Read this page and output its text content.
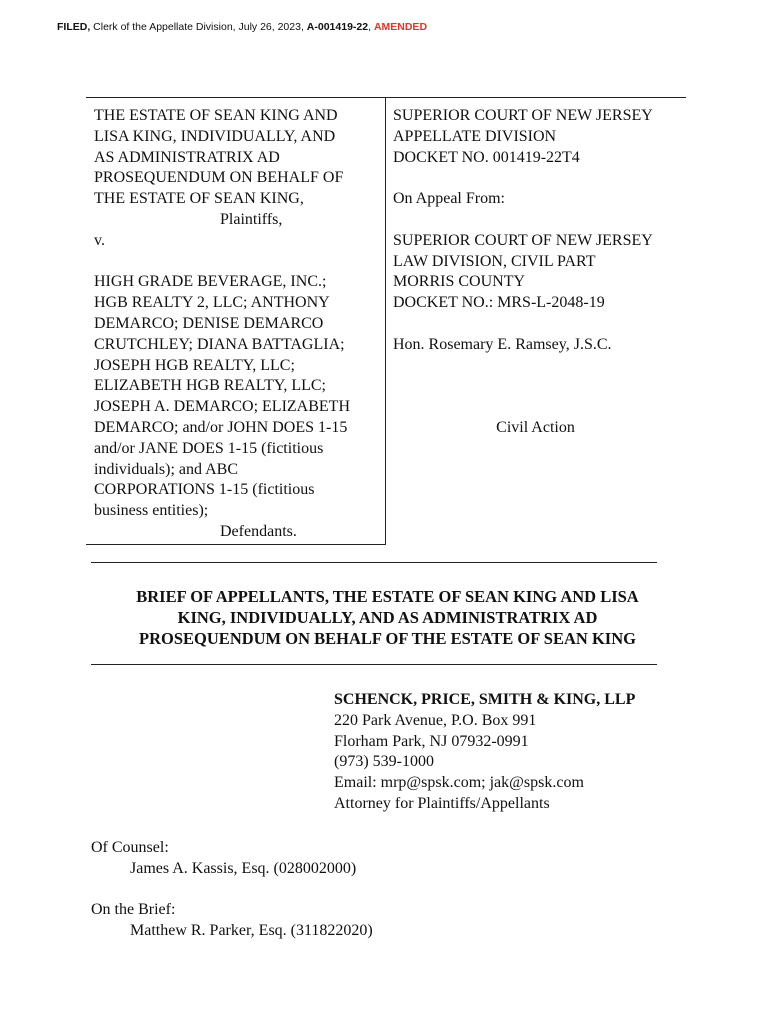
FILED, Clerk of the Appellate Division, July 26, 2023, A-001419-22, AMENDED
THE ESTATE OF SEAN KING AND
LISA KING, INDIVIDUALLY, AND
AS ADMINISTRATRIX AD
PROSEQUENDUM ON BEHALF OF
THE ESTATE OF SEAN KING,
Plaintiffs,
v.
HIGH GRADE BEVERAGE, INC.;
HGB REALTY 2, LLC; ANTHONY
DEMARCO; DENISE DEMARCO
CRUTCHLEY; DIANA BATTAGLIA;
JOSEPH HGB REALTY, LLC;
ELIZABETH HGB REALTY, LLC;
JOSEPH A. DEMARCO; ELIZABETH
DEMARCO; and/or JOHN DOES 1-15
and/or JANE DOES 1-15 (fictitious
individuals); and ABC
CORPORATIONS 1-15 (fictitious
business entities);
Defendants.
SUPERIOR COURT OF NEW JERSEY
APPELLATE DIVISION
DOCKET NO. 001419-22T4
On Appeal From:
SUPERIOR COURT OF NEW JERSEY
LAW DIVISION, CIVIL PART
MORRIS COUNTY
DOCKET NO.: MRS-L-2048-19
Hon. Rosemary E. Ramsey, J.S.C.
Civil Action
BRIEF OF APPELLANTS, THE ESTATE OF SEAN KING AND LISA
KING, INDIVIDUALLY, AND AS ADMINISTRATRIX AD
PROSEQUENDUM ON BEHALF OF THE ESTATE OF SEAN KING
SCHENCK, PRICE, SMITH & KING, LLP
220 Park Avenue, P.O. Box 991
Florham Park, NJ 07932-0991
(973) 539-1000
Email: mrp@spsk.com; jak@spsk.com
Attorney for Plaintiffs/Appellants
Of Counsel:
James A. Kassis, Esq. (028002000)
On the Brief:
Matthew R. Parker, Esq. (311822020)
